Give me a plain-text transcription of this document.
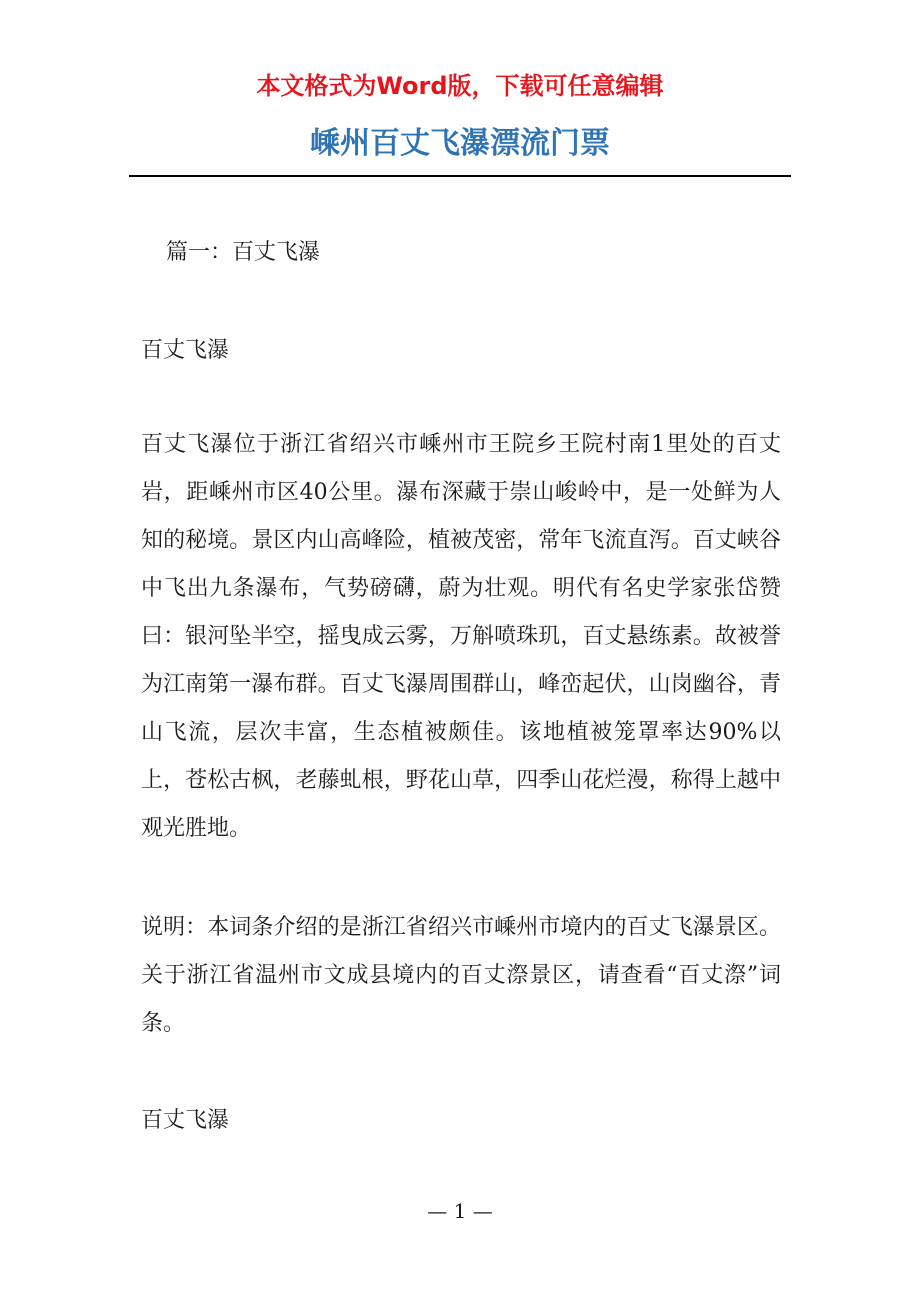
本文格式为Word版，下载可任意编辑
嵊州百丈飞瀑漂流门票
篇一：百丈飞瀑
百丈飞瀑
百丈飞瀑位于浙江省绍兴市嵊州市王院乡王院村南1里处的百丈岩，距嵊州市区40公里。瀑布深藏于崇山峻岭中，是一处鲜为人知的秘境。景区内山高峰险，植被茂密，常年飞流直泻。百丈峡谷中飞出九条瀑布，气势磅礴，蔚为壮观。明代有名史学家张岱赞曰：银河坠半空，摇曳成云雾，万斛喷珠玑，百丈悬练素。故被誉为江南第一瀑布群。百丈飞瀑周围群山，峰峦起伏，山岗幽谷，青山飞流，层次丰富，生态植被颇佳。该地植被笼罩率达90%以上，苍松古枫，老藤虬根，野花山草，四季山花烂漫，称得上越中观光胜地。
说明：本词条介绍的是浙江省绍兴市嵊州市境内的百丈飞瀑景区。关于浙江省温州市文成县境内的百丈漈景区，请查看“百丈漈”词条。
百丈飞瀑
— 1 —
